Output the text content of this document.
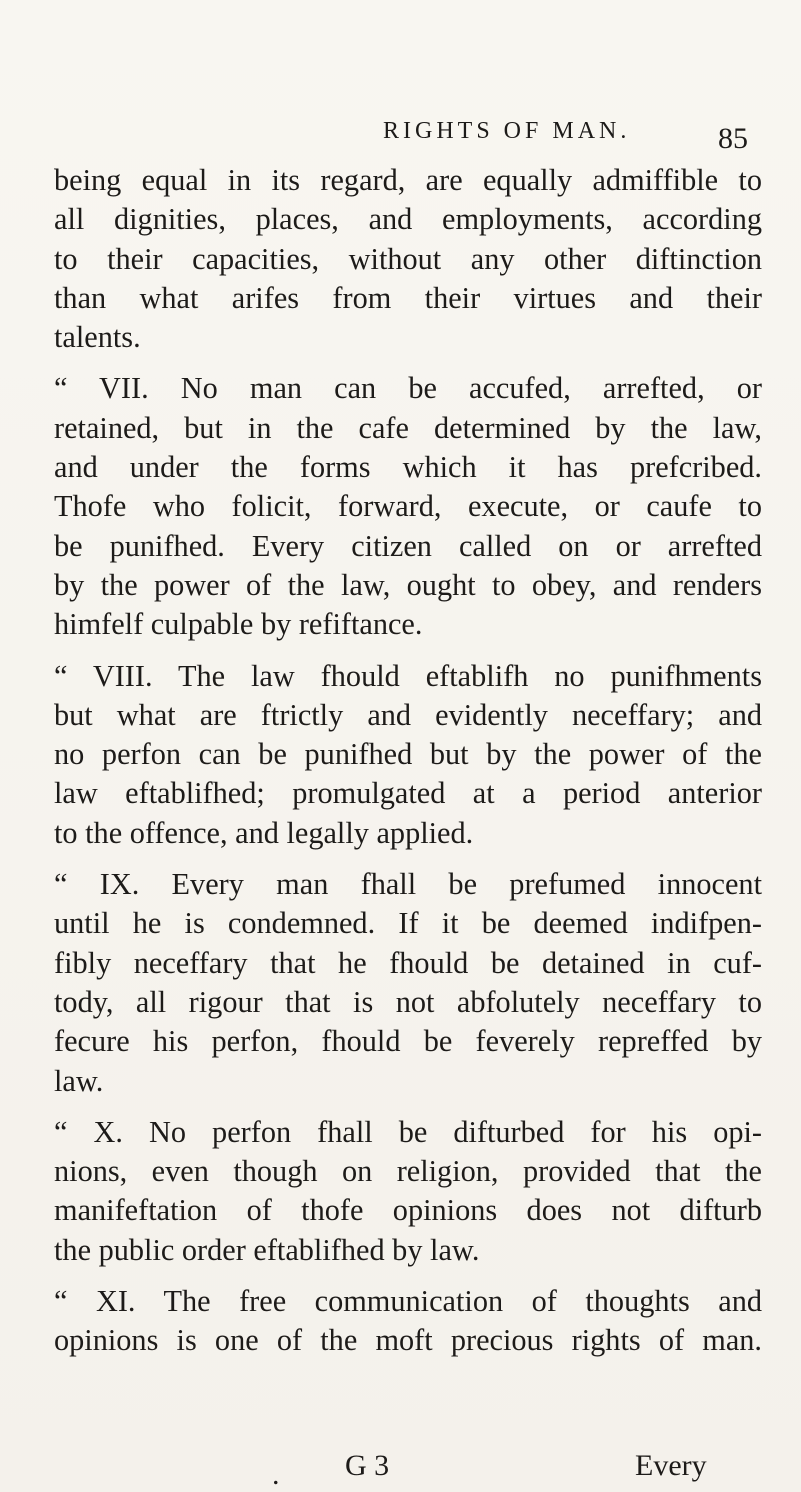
RIGHTS OF MAN.	85
being equal in its regard, are equally admiffible to
all dignities, places, and employments, according
to their capacities, without any other diftinction
than what arifes from their virtues and their
talents.
“ VII. No man can be accufed, arrefted, or
retained, but in the cafe determined by the law,
and under the forms which it has prefcribed.
Thofe who folicit, forward, execute, or caufe to
be punifhed. Every citizen called on or arrefted
by the power of the law, ought to obey, and renders
himfelf culpable by refiftance.
“ VIII. The law fhould eftablifh no punifhments
but what are ftrictly and evidently neceffary; and
no perfon can be punifhed but by the power of the
law eftablifhed; promulgated at a period anterior
to the offence, and legally applied.
“ IX. Every man fhall be prefumed innocent
until he is condemned. If it be deemed indifpen-
fibly neceffary that he fhould be detained in cuf-
tody, all rigour that is not abfolutely neceffary to
fecure his perfon, fhould be feverely repreffed by
law.
“ X. No perfon fhall be difturbed for his opi-
nions, even though on religion, provided that the
manifeftation of thofe opinions does not difturb
the public order eftablifhed by law.
“ XI. The free communication of thoughts and
opinions is one of the moft precious rights of man.
. G 3	Every
